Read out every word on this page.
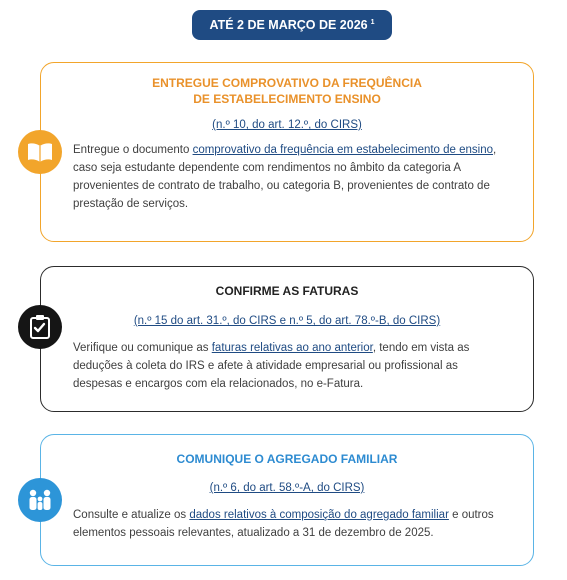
ATÉ 2 DE MARÇO DE 2026 $^1$
ENTREGUE COMPROVATIVO DA FREQUÊNCIA
DE ESTABELECIMENTO ENSINO
(n.º 10, do art. 12.º, do CIRS)
Entregue o documento comprovativo da frequência em estabelecimento de ensino, caso seja estudante dependente com rendimentos no âmbito da categoria A provenientes de contrato de trabalho, ou categoria B, provenientes de contrato de prestação de serviços.
CONFIRME AS FATURAS
(n.º 15 do art. 31.º, do CIRS e n.º 5, do art. 78.º-B, do CIRS)
Verifique ou comunique as faturas relativas ao ano anterior, tendo em vista as deduções à coleta do IRS e afete à atividade empresarial ou profissional as despesas e encargos com ela relacionados, no e-Fatura.
COMUNIQUE O AGREGADO FAMILIAR
(n.º 6, do art. 58.º-A, do CIRS)
Consulte e atualize os dados relativos à composição do agregado familiar e outros elementos pessoais relevantes, atualizado a 31 de dezembro de 2025.
